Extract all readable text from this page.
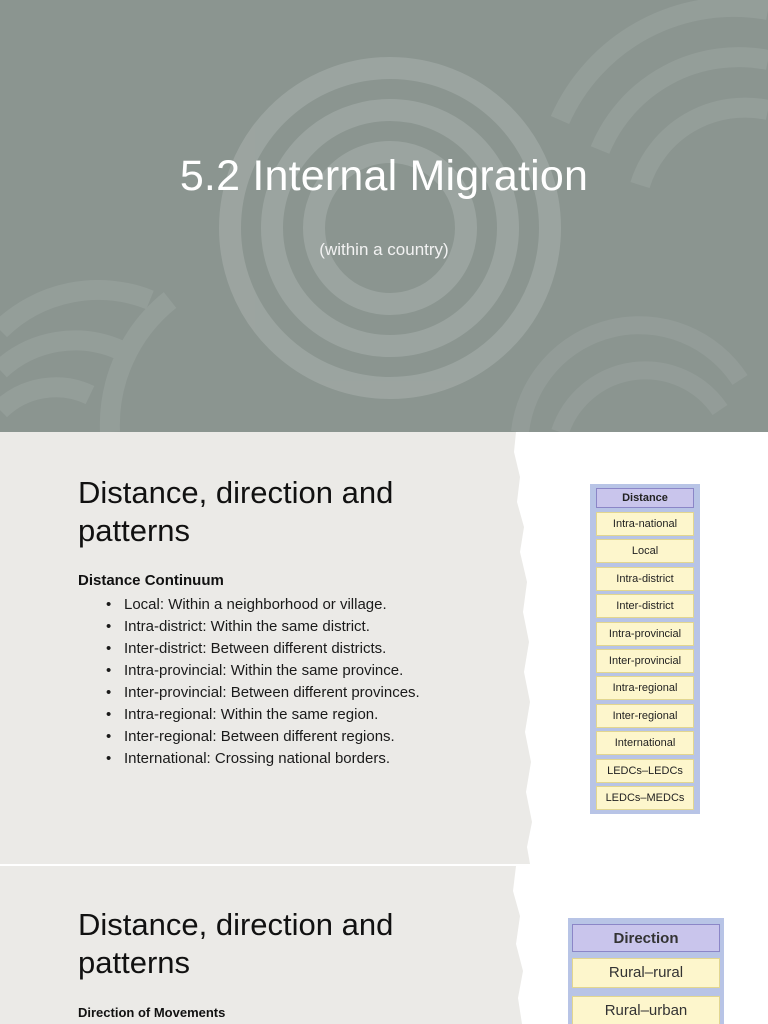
5.2 Internal Migration
(within a country)
Distance, direction and patterns
Distance Continuum
• Local: Within a neighborhood or village.
• Intra-district: Within the same district.
• Inter-district: Between different districts.
• Intra-provincial: Within the same province.
• Inter-provincial: Between different provinces.
• Intra-regional: Within the same region.
• Inter-regional: Between different regions.
• International: Crossing national borders.
Distance
Intra-national
Local
Intra-district
Inter-district
Intra-provincial
Inter-provincial
Intra-regional
Inter-regional
International
LEDCs–LEDCs
LEDCs–MEDCs
Distance, direction and patterns
Direction of Movements
Direction
Rural–rural
Rural–urban
